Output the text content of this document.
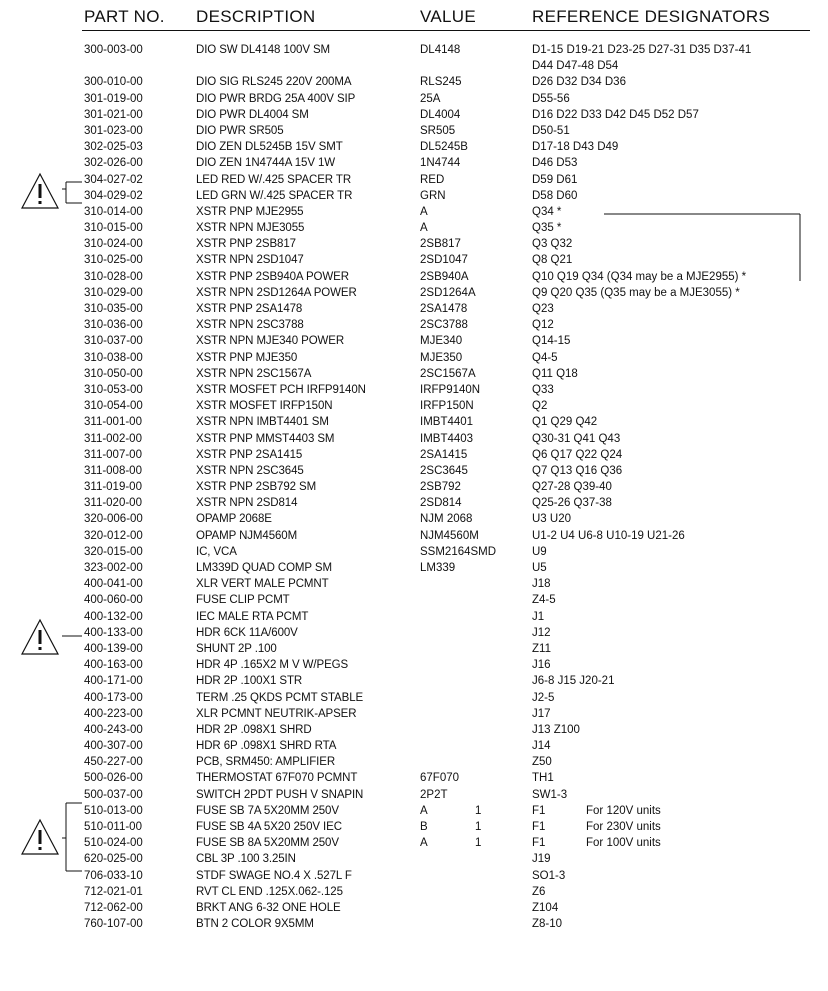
PART NO. DESCRIPTION	VALUE	REFERENCE DESIGNATORS
300-003-00	DIO SW DL4148 100V SM	DL4148	D1-15 D19-21 D23-25 D27-31 D35 D37-41
D44 D47-48 D54
300-010-00	DIO SIG RLS245 220V 200MA	RLS245	D26 D32 D34 D36
301-019-00	DIO PWR BRDG 25A 400V SIP	25A	D55-56
301-021-00	DIO PWR DL4004 SM	DL4004	D16 D22 D33 D42 D45 D52 D57
301-023-00	DIO PWR SR505	SR505	D50-51
302-025-03	DIO ZEN DL5245B 15V SMT	DL5245B	D17-18 D43 D49
302-026-00	DIO ZEN 1N4744A 15V 1W	1N4744	D46 D53
304-027-02	LED RED W/.425 SPACER TR	RED	D59 D61
304-029-02	LED GRN W/.425 SPACER TR	GRN	D58 D60
310-014-00	XSTR PNP MJE2955	A	Q34 *
310-015-00	XSTR NPN MJE3055	A	Q35 *
310-024-00	XSTR PNP 2SB817	2SB817	Q3 Q32
310-025-00	XSTR NPN 2SD1047	2SD1047	Q8 Q21
310-028-00	XSTR PNP 2SB940A POWER	2SB940A	Q10 Q19 Q34 (Q34 may be a MJE2955) *
310-029-00	XSTR NPN 2SD1264A POWER	2SD1264A	Q9 Q20 Q35 (Q35 may be a MJE3055) *
310-035-00	XSTR PNP 2SA1478	2SA1478	Q23
310-036-00	XSTR NPN 2SC3788	2SC3788	Q12
310-037-00	XSTR NPN MJE340 POWER	MJE340	Q14-15
310-038-00	XSTR PNP MJE350	MJE350	Q4-5
310-050-00	XSTR NPN 2SC1567A	2SC1567A	Q11 Q18
310-053-00	XSTR MOSFET PCH IRFP9140N	IRFP9140N	Q33
310-054-00	XSTR MOSFET IRFP150N	IRFP150N	Q2
311-001-00	XSTR NPN IMBT4401 SM	IMBT4401	Q1 Q29 Q42
311-002-00	XSTR PNP MMST4403 SM	IMBT4403	Q30-31 Q41 Q43
311-007-00	XSTR PNP 2SA1415	2SA1415	Q6 Q17 Q22 Q24
311-008-00	XSTR NPN 2SC3645	2SC3645	Q7 Q13 Q16 Q36
311-019-00	XSTR PNP 2SB792 SM	2SB792	Q27-28 Q39-40
311-020-00	XSTR NPN 2SD814	2SD814	Q25-26 Q37-38
320-006-00	OPAMP 2068E	NJM 2068	U3 U20
320-012-00	OPAMP NJM4560M	NJM4560M	U1-2 U4 U6-8 U10-19 U21-26
320-015-00	IC, VCA	SSM2164SMD	U9
323-002-00	LM339D QUAD COMP SM	LM339	U5
400-041-00	XLR VERT MALE PCMNT	J18
400-060-00	FUSE CLIP PCMT	Z4-5
400-132-00	IEC MALE RTA PCMT	J1
400-133-00	HDR 6CK 11A/600V	J12
400-139-00	SHUNT 2P .100	Z11
400-163-00	HDR 4P .165X2 M V W/PEGS	J16
400-171-00	HDR 2P .100X1 STR	J6-8 J15 J20-21
400-173-00	TERM .25 QKDS PCMT STABLE	J2-5
400-223-00	XLR PCMNT NEUTRIK-APSER	J17
400-243-00	HDR 2P .098X1 SHRD	J13 Z100
400-307-00	HDR 6P .098X1 SHRD RTA	J14
450-227-00	PCB, SRM450: AMPLIFIER	Z50
500-026-00	THERMOSTAT 67F070 PCMNT	67F070	TH1
500-037-00	SWITCH 2PDT PUSH V SNAPIN	2P2T	SW1-3
510-013-00	FUSE SB 7A 5X20MM 250V	A	1	F1	For 120V units
510-011-00	FUSE SB 4A 5X20 250V IEC	B	1	F1	For 230V units
510-024-00	FUSE SB 8A 5X20MM 250V	A	1	F1	For 100V units
620-025-00	CBL 3P .100 3.25IN	J19
706-033-10	STDF SWAGE NO.4 X .527L F	SO1-3
712-021-01	RVT CL END .125X.062-.125	Z6
712-062-00	BRKT ANG 6-32 ONE HOLE	Z104
760-107-00	BTN 2 COLOR 9X5MM	Z8-10
